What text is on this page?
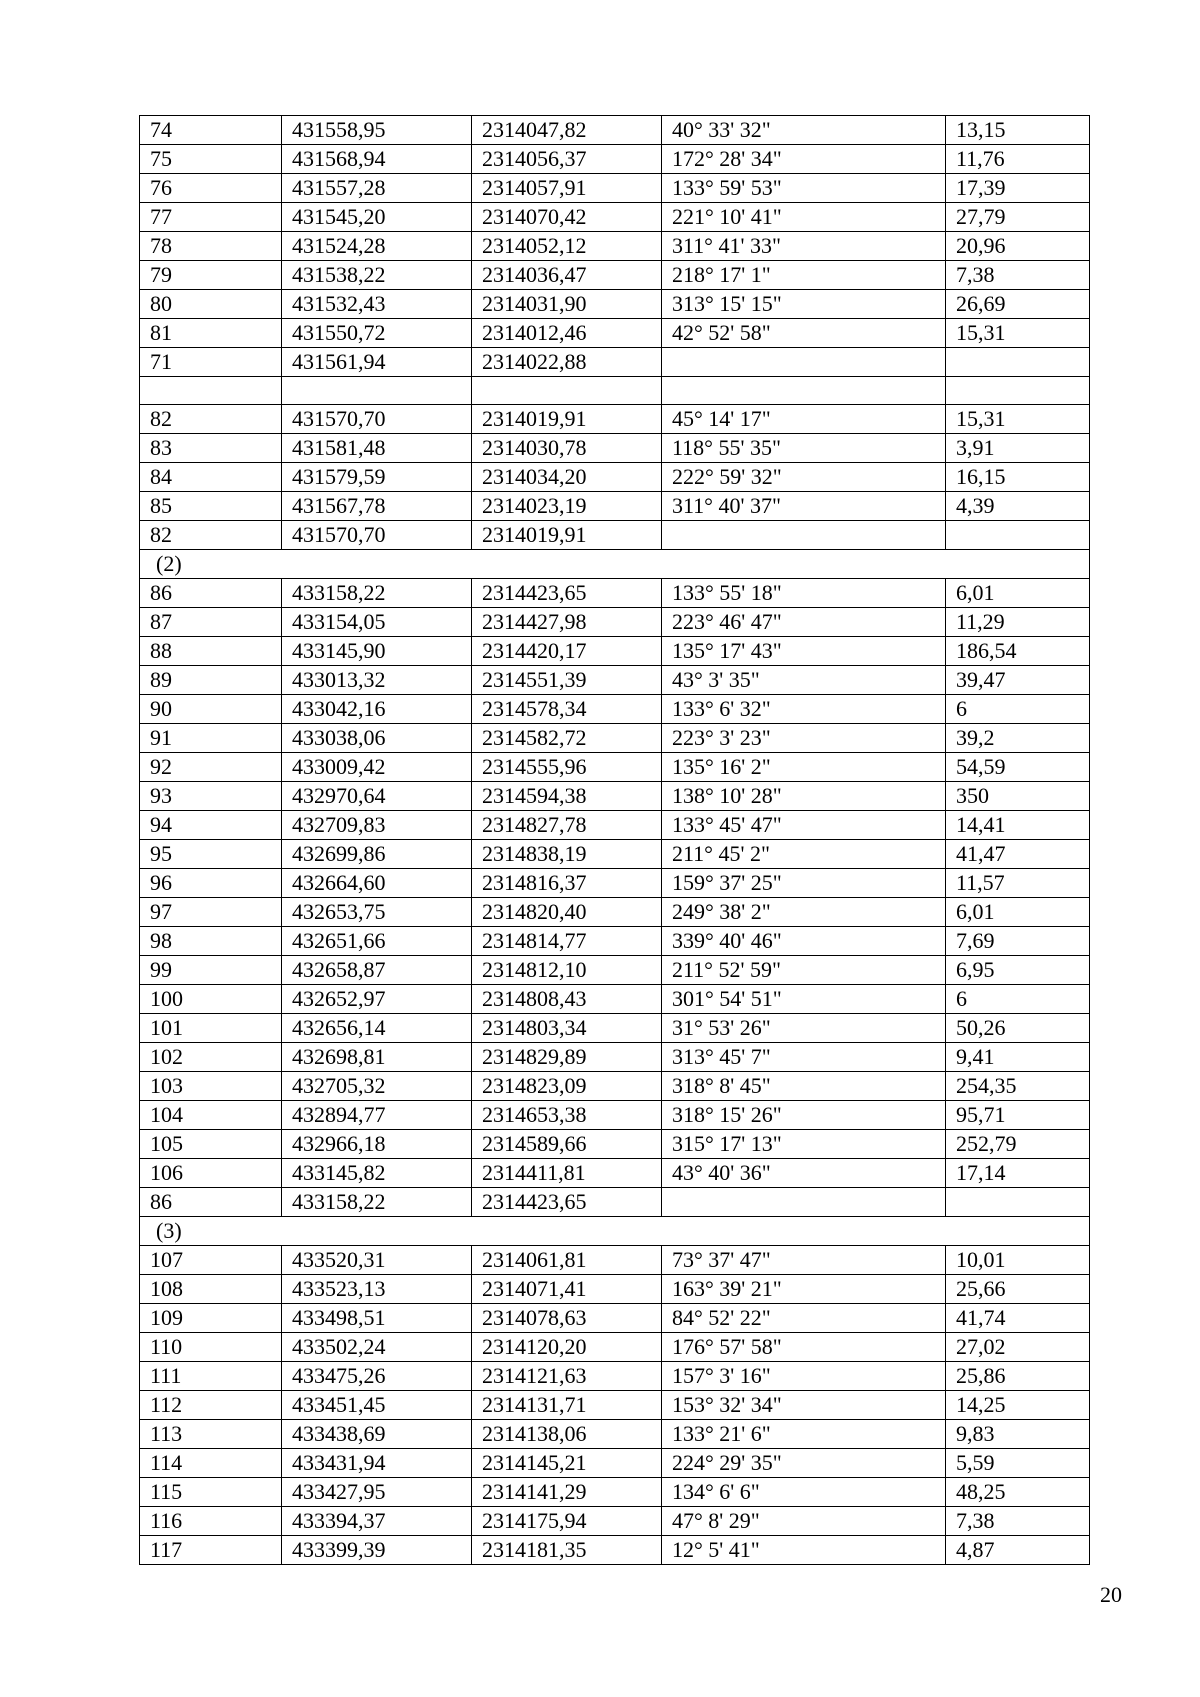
74	431558,95	2314047,82	40° 33' 32"	13,15
75	431568,94	2314056,37	172° 28' 34"	11,76
76	431557,28	2314057,91	133° 59' 53"	17,39
77	431545,20	2314070,42	221° 10' 41"	27,79
78	431524,28	2314052,12	311° 41' 33"	20,96
79	431538,22	2314036,47	218° 17' 1"	7,38
80	431532,43	2314031,90	313° 15' 15"	26,69
81	431550,72	2314012,46	42° 52' 58"	15,31
71	431561,94	2314022,88		

82	431570,70	2314019,91	45° 14' 17"	15,31
83	431581,48	2314030,78	118° 55' 35"	3,91
84	431579,59	2314034,20	222° 59' 32"	16,15
85	431567,78	2314023,19	311° 40' 37"	4,39
82	431570,70	2314019,91		
(2)				
86	433158,22	2314423,65	133° 55' 18"	6,01
87	433154,05	2314427,98	223° 46' 47"	11,29
88	433145,90	2314420,17	135° 17' 43"	186,54
89	433013,32	2314551,39	43° 3' 35"	39,47
90	433042,16	2314578,34	133° 6' 32"	6
91	433038,06	2314582,72	223° 3' 23"	39,2
92	433009,42	2314555,96	135° 16' 2"	54,59
93	432970,64	2314594,38	138° 10' 28"	350
94	432709,83	2314827,78	133° 45' 47"	14,41
95	432699,86	2314838,19	211° 45' 2"	41,47
96	432664,60	2314816,37	159° 37' 25"	11,57
97	432653,75	2314820,40	249° 38' 2"	6,01
98	432651,66	2314814,77	339° 40' 46"	7,69
99	432658,87	2314812,10	211° 52' 59"	6,95
100	432652,97	2314808,43	301° 54' 51"	6
101	432656,14	2314803,34	31° 53' 26"	50,26
102	432698,81	2314829,89	313° 45' 7"	9,41
103	432705,32	2314823,09	318° 8' 45"	254,35
104	432894,77	2314653,38	318° 15' 26"	95,71
105	432966,18	2314589,66	315° 17' 13"	252,79
106	433145,82	2314411,81	43° 40' 36"	17,14
86	433158,22	2314423,65		
(3)				
107	433520,31	2314061,81	73° 37' 47"	10,01
108	433523,13	2314071,41	163° 39' 21"	25,66
109	433498,51	2314078,63	84° 52' 22"	41,74
110	433502,24	2314120,20	176° 57' 58"	27,02
111	433475,26	2314121,63	157° 3' 16"	25,86
112	433451,45	2314131,71	153° 32' 34"	14,25
113	433438,69	2314138,06	133° 21' 6"	9,83
114	433431,94	2314145,21	224° 29' 35"	5,59
115	433427,95	2314141,29	134° 6' 6"	48,25
116	433394,37	2314175,94	47° 8' 29"	7,38
117	433399,39	2314181,35	12° 5' 41"	4,87
20
